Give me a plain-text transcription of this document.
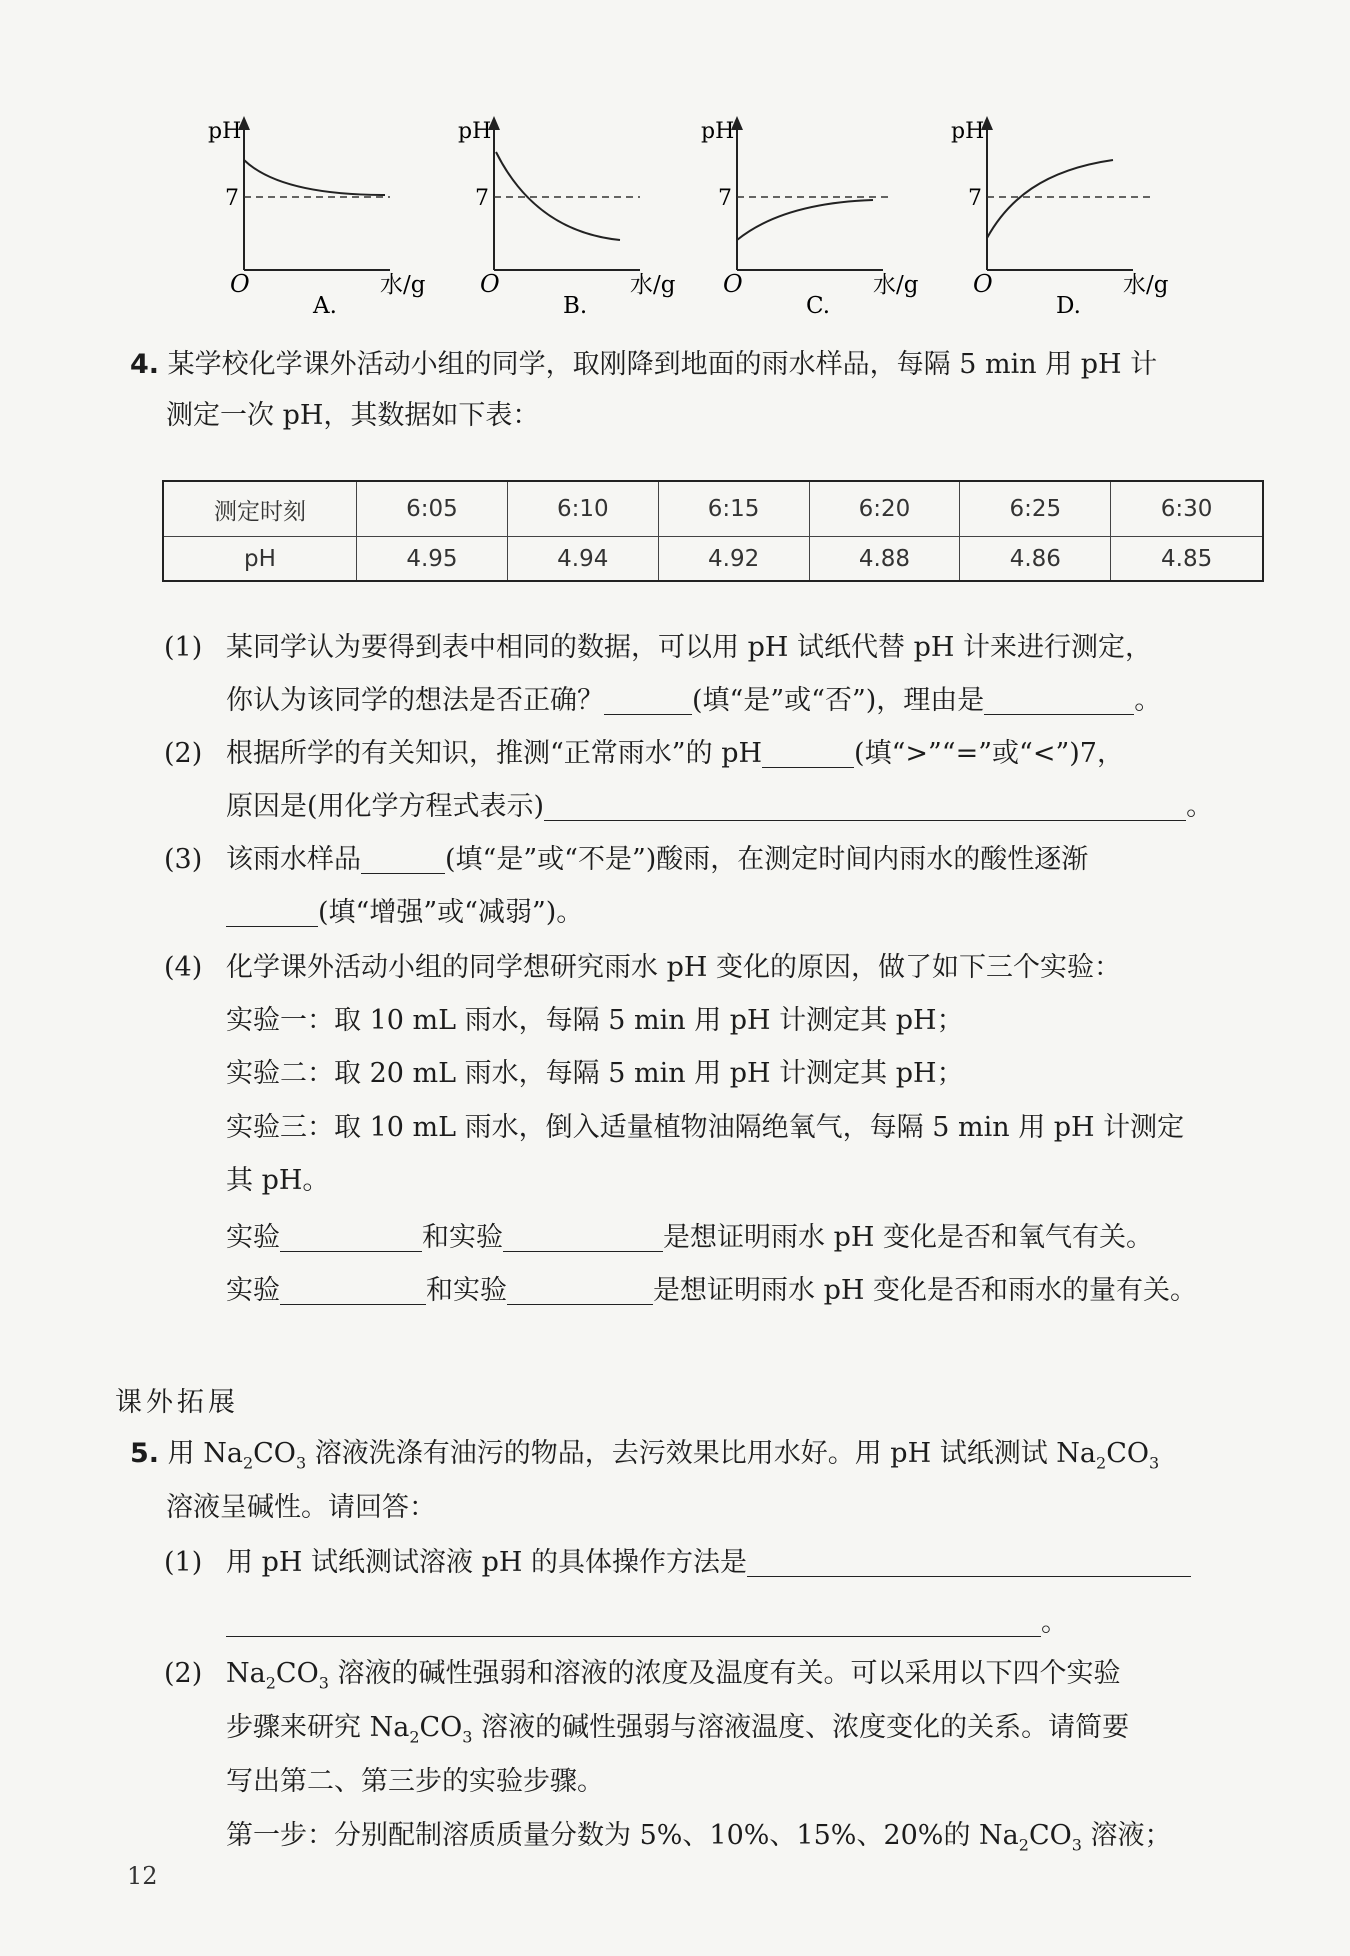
pH
7
O	水/g
A.
pH
7
O	水/g
B.
pH
7
O	水/g
C.
pH
7
O	水/g
D.
4. 某学校化学课外活动小组的同学，取刚降到地面的雨水样品，每隔 5 min 用 pH 计
测定一次 pH，其数据如下表：
测定时刻	6:05	6:10	6:15	6:20	6:25	6:30
pH	4.95	4.94	4.92	4.88	4.86	4.85
(1) 某同学认为要得到表中相同的数据，可以用 pH 试纸代替 pH 计来进行测定，
你认为该同学的想法是否正确？	(填“是”或“否”)，理由是	。
(2) 根据所学的有关知识，推测“正常雨水”的 pH	(填“>”“=”或“<”)7，
原因是(用化学方程式表示)	。
(3) 该雨水样品	(填“是”或“不是”)酸雨，在测定时间内雨水的酸性逐渐
(填“增强”或“减弱”)。
(4) 化学课外活动小组的同学想研究雨水 pH 变化的原因，做了如下三个实验：
实验一：取 10 mL 雨水，每隔 5 min 用 pH 计测定其 pH；
实验二：取 20 mL 雨水，每隔 5 min 用 pH 计测定其 pH；
实验三：取 10 mL 雨水，倒入适量植物油隔绝氧气，每隔 5 min 用 pH 计测定
其 pH。
实验	和实验	是想证明雨水 pH 变化是否和氧气有关。
实验	和实验	是想证明雨水 pH 变化是否和雨水的量有关。
课外拓展
5. 用 $Na_2CO_3$ 溶液洗涤有油污的物品，去污效果比用水好。用 pH 试纸测试 $Na_2CO_3$
溶液呈碱性。请回答：
(1) 用 pH 试纸测试溶液 pH 的具体操作方法是
。
(2) $Na_2CO_3$ 溶液的碱性强弱和溶液的浓度及温度有关。可以采用以下四个实验
步骤来研究 $Na_2CO_3$ 溶液的碱性强弱与溶液温度、浓度变化的关系。请简要
写出第二、第三步的实验步骤。
第一步：分别配制溶质质量分数为 5%、10%、15%、20%的 $Na_2CO_3$ 溶液；
12
